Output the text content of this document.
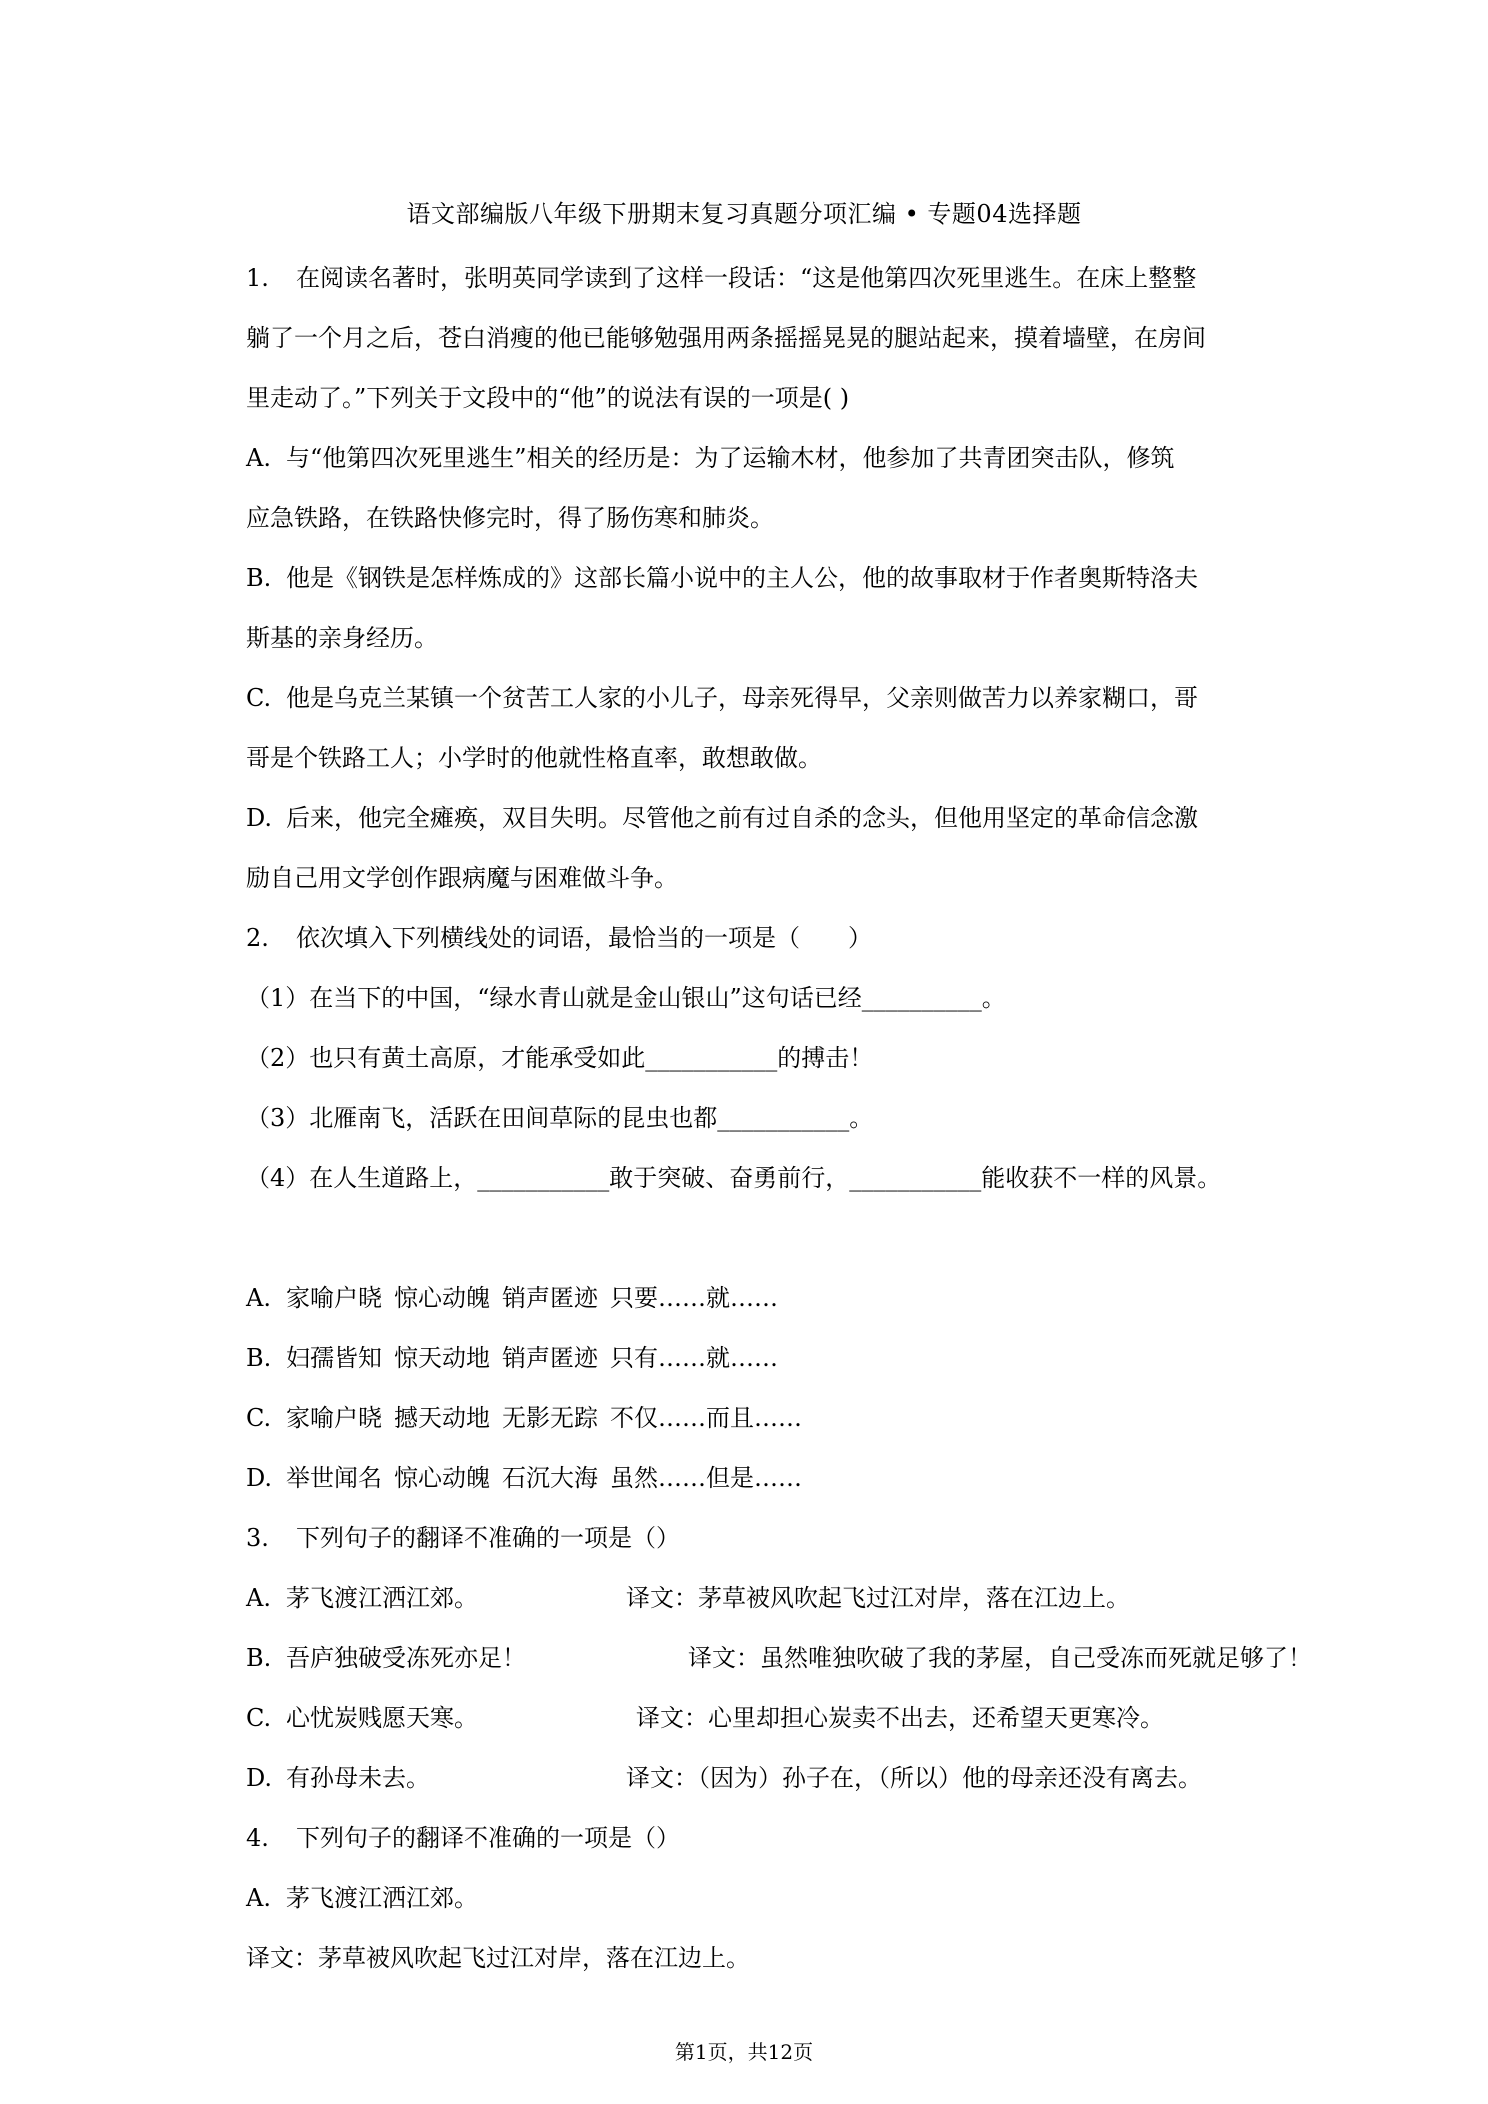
语文部编版八年级下册期末复习真题分项汇编 • 专题04选择题

1. 在阅读名著时，张明英同学读到了这样一段话：“这是他第四次死里逃生。在床上整整

躺了一个月之后，苍白消瘦的他已能够勉强用两条摇摇晃晃的腿站起来，摸着墙壁，在房间

里走动了。”下列关于文段中的“他”的说法有误的一项是( )

A. 与“他第四次死里逃生”相关的经历是：为了运输木材，他参加了共青团突击队，修筑

应急铁路，在铁路快修完时，得了肠伤寒和肺炎。

B. 他是《钢铁是怎样炼成的》这部长篇小说中的主人公，他的故事取材于作者奥斯特洛夫

斯基的亲身经历。

C. 他是乌克兰某镇一个贫苦工人家的小儿子，母亲死得早，父亲则做苦力以养家糊口，哥

哥是个铁路工人；小学时的他就性格直率，敢想敢做。

D. 后来，他完全瘫痪，双目失明。尽管他之前有过自杀的念头，但他用坚定的革命信念激

励自己用文学创作跟病魔与困难做斗争。

2. 依次填入下列横线处的词语，最恰当的一项是（　　）

（1）在当下的中国，“绿水青山就是金山银山”这句话已经__________。

（2）也只有黄土高原，才能承受如此___________的搏击！

（3）北雁南飞，活跃在田间草际的昆虫也都___________。

（4）在人生道路上，___________敢于突破、奋勇前行，___________能收获不一样的风景。

A. 家喻户晓 惊心动魄 销声匿迹 只要……就……

B. 妇孺皆知 惊天动地 销声匿迹 只有……就……

C. 家喻户晓 撼天动地 无影无踪 不仅……而且……

D. 举世闻名 惊心动魄 石沉大海 虽然……但是……

3. 下列句子的翻译不准确的一项是（）

A. 茅飞渡江洒江郊。	译文：茅草被风吹起飞过江对岸，落在江边上。

B. 吾庐独破受冻死亦足！	译文：虽然唯独吹破了我的茅屋，自己受冻而死就足够了！

C. 心忧炭贱愿天寒。	译文：心里却担心炭卖不出去，还希望天更寒冷。

D. 有孙母未去。	译文：（因为）孙子在，（所以）他的母亲还没有离去。

4. 下列句子的翻译不准确的一项是（）

A. 茅飞渡江洒江郊。

译文：茅草被风吹起飞过江对岸，落在江边上。

第1页，共12页
